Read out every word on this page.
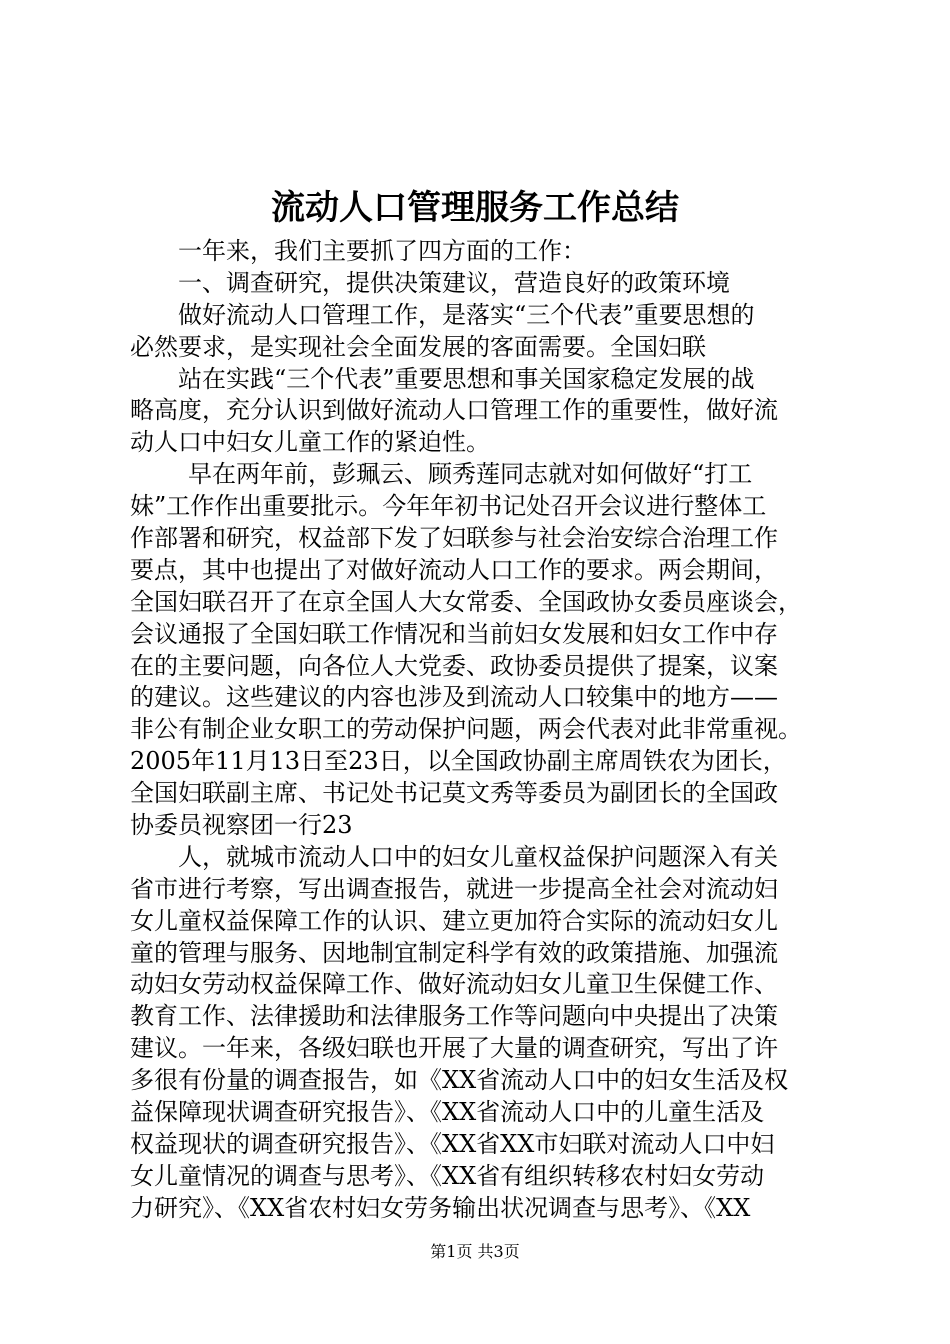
流动人口管理服务工作总结
一年来，我们主要抓了四方面的工作：
一、调查研究，提供决策建议，营造良好的政策环境
做好流动人口管理工作，是落实“三个代表”重要思想的
必然要求，是实现社会全面发展的客面需要。全国妇联
站在实践“三个代表”重要思想和事关国家稳定发展的战
略高度，充分认识到做好流动人口管理工作的重要性，做好流
动人口中妇女儿童工作的紧迫性。
早在两年前，彭珮云、顾秀莲同志就对如何做好“打工
妹”工作作出重要批示。今年年初书记处召开会议进行整体工
作部署和研究，权益部下发了妇联参与社会治安综合治理工作
要点，其中也提出了对做好流动人口工作的要求。两会期间，
全国妇联召开了在京全国人大女常委、全国政协女委员座谈会，
会议通报了全国妇联工作情况和当前妇女发展和妇女工作中存
在的主要问题，向各位人大党委、政协委员提供了提案，议案
的建议。这些建议的内容也涉及到流动人口较集中的地方——
非公有制企业女职工的劳动保护问题，两会代表对此非常重视。
2005年11月13日至23日，以全国政协副主席周铁农为团长，
全国妇联副主席、书记处书记莫文秀等委员为副团长的全国政
协委员视察团一行23
人，就城市流动人口中的妇女儿童权益保护问题深入有关
省市进行考察，写出调查报告，就进一步提高全社会对流动妇
女儿童权益保障工作的认识、建立更加符合实际的流动妇女儿
童的管理与服务、因地制宜制定科学有效的政策措施、加强流
动妇女劳动权益保障工作、做好流动妇女儿童卫生保健工作、
教育工作、法律援助和法律服务工作等问题向中央提出了决策
建议。一年来，各级妇联也开展了大量的调查研究，写出了许
多很有份量的调查报告，如《XX省流动人口中的妇女生活及权
益保障现状调查研究报告》、《XX省流动人口中的儿童生活及
权益现状的调查研究报告》、《XX省XX市妇联对流动人口中妇
女儿童情况的调查与思考》、《XX省有组织转移农村妇女劳动
力研究》、《XX省农村妇女劳务输出状况调查与思考》、《XX
第1页 共3页
